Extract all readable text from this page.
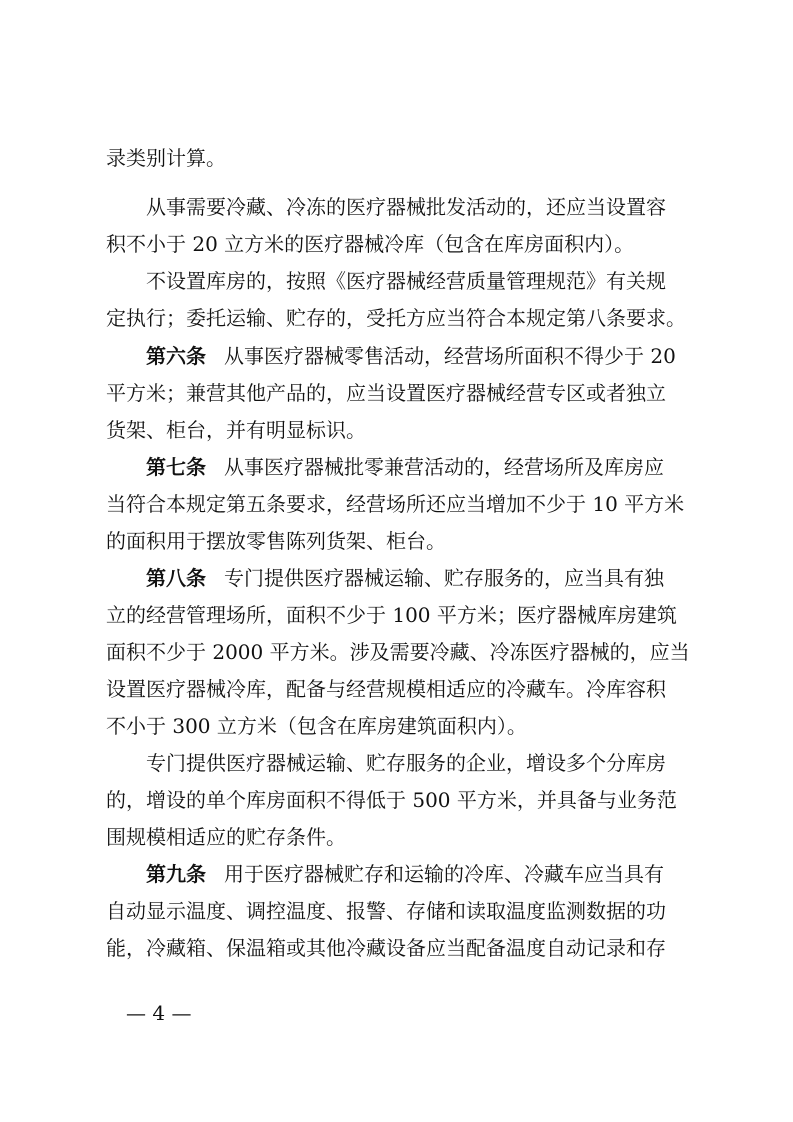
录类别计算。
从事需要冷藏、冷冻的医疗器械批发活动的，还应当设置容
积不小于 20 立方米的医疗器械冷库（包含在库房面积内）。
不设置库房的，按照《医疗器械经营质量管理规范》有关规
定执行；委托运输、贮存的，受托方应当符合本规定第八条要求。
第六条 从事医疗器械零售活动，经营场所面积不得少于 20
平方米；兼营其他产品的，应当设置医疗器械经营专区或者独立
货架、柜台，并有明显标识。
第七条 从事医疗器械批零兼营活动的，经营场所及库房应
当符合本规定第五条要求，经营场所还应当增加不少于 10 平方米
的面积用于摆放零售陈列货架、柜台。
第八条 专门提供医疗器械运输、贮存服务的，应当具有独
立的经营管理场所，面积不少于 100 平方米；医疗器械库房建筑
面积不少于 2000 平方米。涉及需要冷藏、冷冻医疗器械的，应当
设置医疗器械冷库，配备与经营规模相适应的冷藏车。冷库容积
不小于 300 立方米（包含在库房建筑面积内）。
专门提供医疗器械运输、贮存服务的企业，增设多个分库房
的，增设的单个库房面积不得低于 500 平方米，并具备与业务范
围规模相适应的贮存条件。
第九条 用于医疗器械贮存和运输的冷库、冷藏车应当具有
自动显示温度、调控温度、报警、存储和读取温度监测数据的功
能，冷藏箱、保温箱或其他冷藏设备应当配备温度自动记录和存
— 4 —
